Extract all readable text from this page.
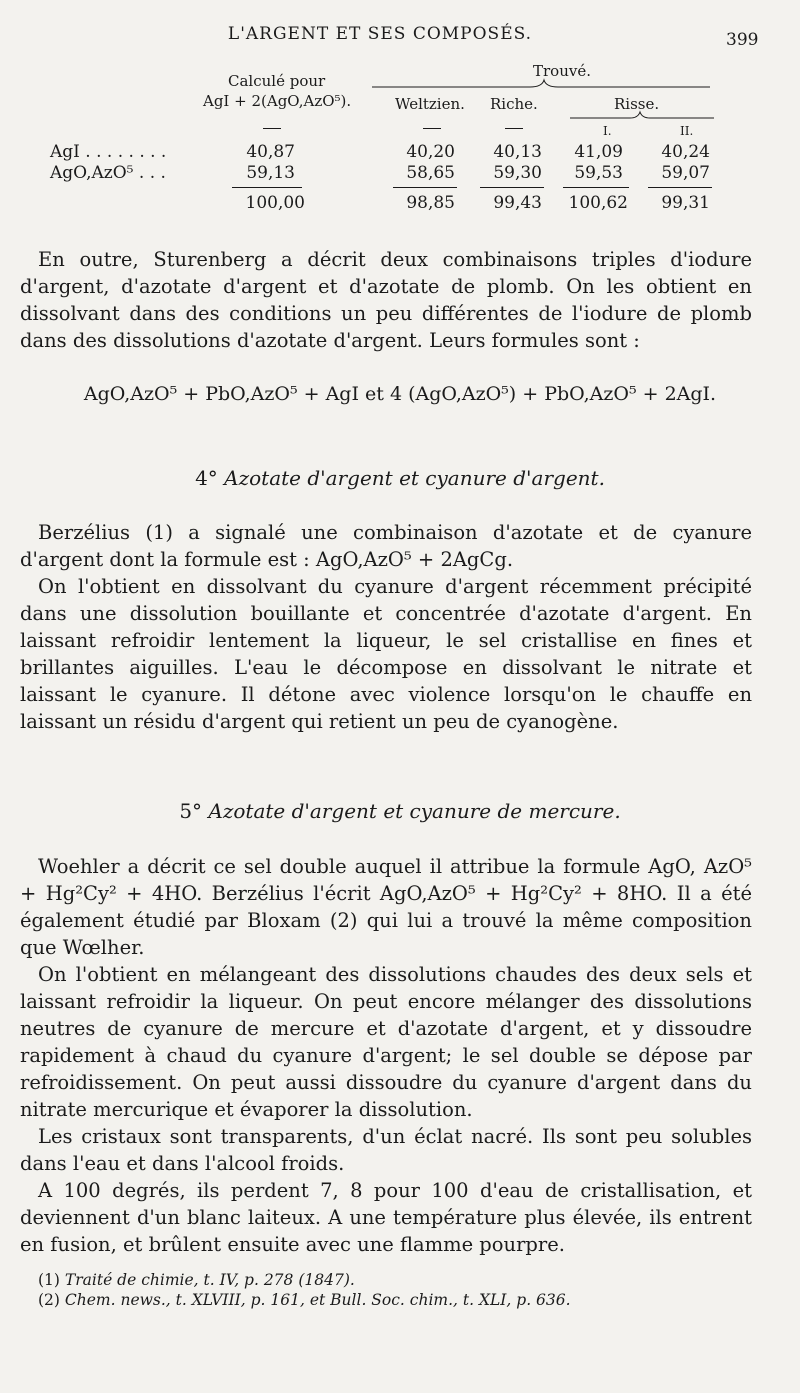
L'ARGENT ET SES COMPOSÉS.	399
Calculé pour
AgI + 2(AgO,AzO⁵).
Trouvé.
Weltzien. Riche.	Risse.
I.	II.
AgI . . . . . . . .	40,87	40,20	40,13	41,09	40,24
AgO,AzO⁵ . . .	59,13	58,65	59,30	59,53	59,07
100,00	98,85	99,43	100,62	99,31

En outre, Sturenberg a décrit deux combinaisons triples d'iodure d'argent, d'azotate d'argent et d'azotate de plomb. On les obtient en dissolvant dans des conditions un peu différentes de l'iodure de plomb dans des dissolutions d'azotate d'argent. Leurs formules sont :

AgO,AzO⁵ + PbO,AzO⁵ + AgI et 4 (AgO,AzO⁵) + PbO,AzO⁵ + 2AgI.
4° Azotate d'argent et cyanure d'argent.

Berzélius (1) a signalé une combinaison d'azotate et de cyanure d'argent dont la formule est : AgO,AzO⁵ + 2AgCg.

On l'obtient en dissolvant du cyanure d'argent récemment précipité dans une dissolution bouillante et concentrée d'azotate d'argent. En laissant refroidir lentement la liqueur, le sel cristallise en fines et brillantes aiguilles. L'eau le décompose en dissolvant le nitrate et laissant le cyanure. Il détone avec violence lorsqu'on le chauffe en laissant un résidu d'argent qui retient un peu de cyanogène.

5° Azotate d'argent et cyanure de mercure.

Woehler a décrit ce sel double auquel il attribue la formule AgO, AzO⁵ + Hg²Cy² + 4HO. Berzélius l'écrit AgO,AzO⁵ + Hg²Cy² + 8HO. Il a été également étudié par Bloxam (2) qui lui a trouvé la même composition que Wœlher.

On l'obtient en mélangeant des dissolutions chaudes des deux sels et laissant refroidir la liqueur. On peut encore mélanger des dissolutions neutres de cyanure de mercure et d'azotate d'argent, et y dissoudre rapidement à chaud du cyanure d'argent; le sel double se dépose par refroidissement. On peut aussi dissoudre du cyanure d'argent dans du nitrate mercurique et évaporer la dissolution.

Les cristaux sont transparents, d'un éclat nacré. Ils sont peu solubles dans l'eau et dans l'alcool froids.

A 100 degrés, ils perdent 7, 8 pour 100 d'eau de cristallisation, et deviennent d'un blanc laiteux. A une température plus élevée, ils entrent en fusion, et brûlent ensuite avec une flamme pourpre.

(1) Traité de chimie, t. IV, p. 278 (1847).
(2) Chem. news., t. XLVIII, p. 161, et Bull. Soc. chim., t. XLI, p. 636.
